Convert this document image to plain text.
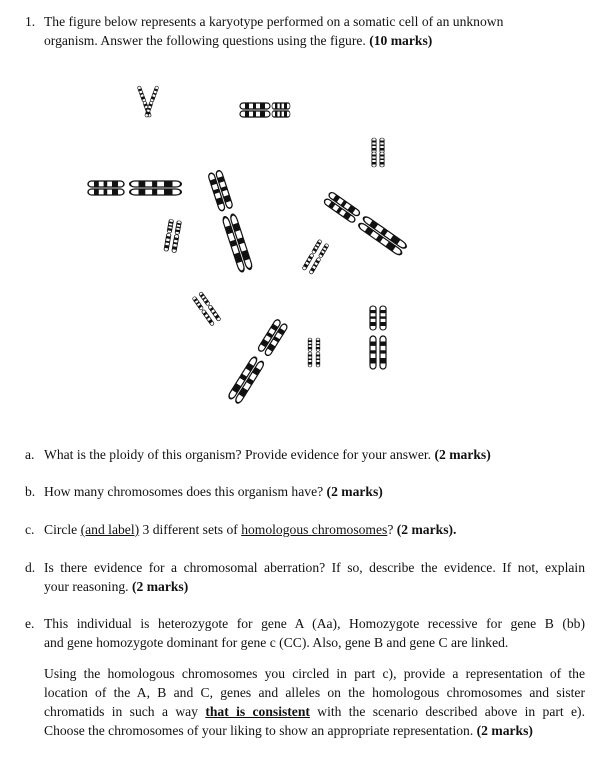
1. The figure below represents a karyotype performed on a somatic cell of an unknown
organism. Answer the following questions using the figure. (10 marks)
a. What is the ploidy of this organism? Provide evidence for your answer. (2 marks)
b. How many chromosomes does this organism have? (2 marks)
c. Circle (and label) 3 different sets of homologous chromosomes? (2 marks).
d. Is there evidence for a chromosomal aberration? If so, describe the evidence. If not, explain
your reasoning. (2 marks)
e. This individual is heterozygote for gene A (Aa), Homozygote recessive for gene B (bb)
and gene homozygote dominant for gene c (CC). Also, gene B and gene C are linked.
Using the homologous chromosomes you circled in part c), provide a representation of the
location of the A, B and C, genes and alleles on the homologous chromosomes and sister
chromatids in such a way that is consistent with the scenario described above in part e).
Choose the chromosomes of your liking to show an appropriate representation. (2 marks)
